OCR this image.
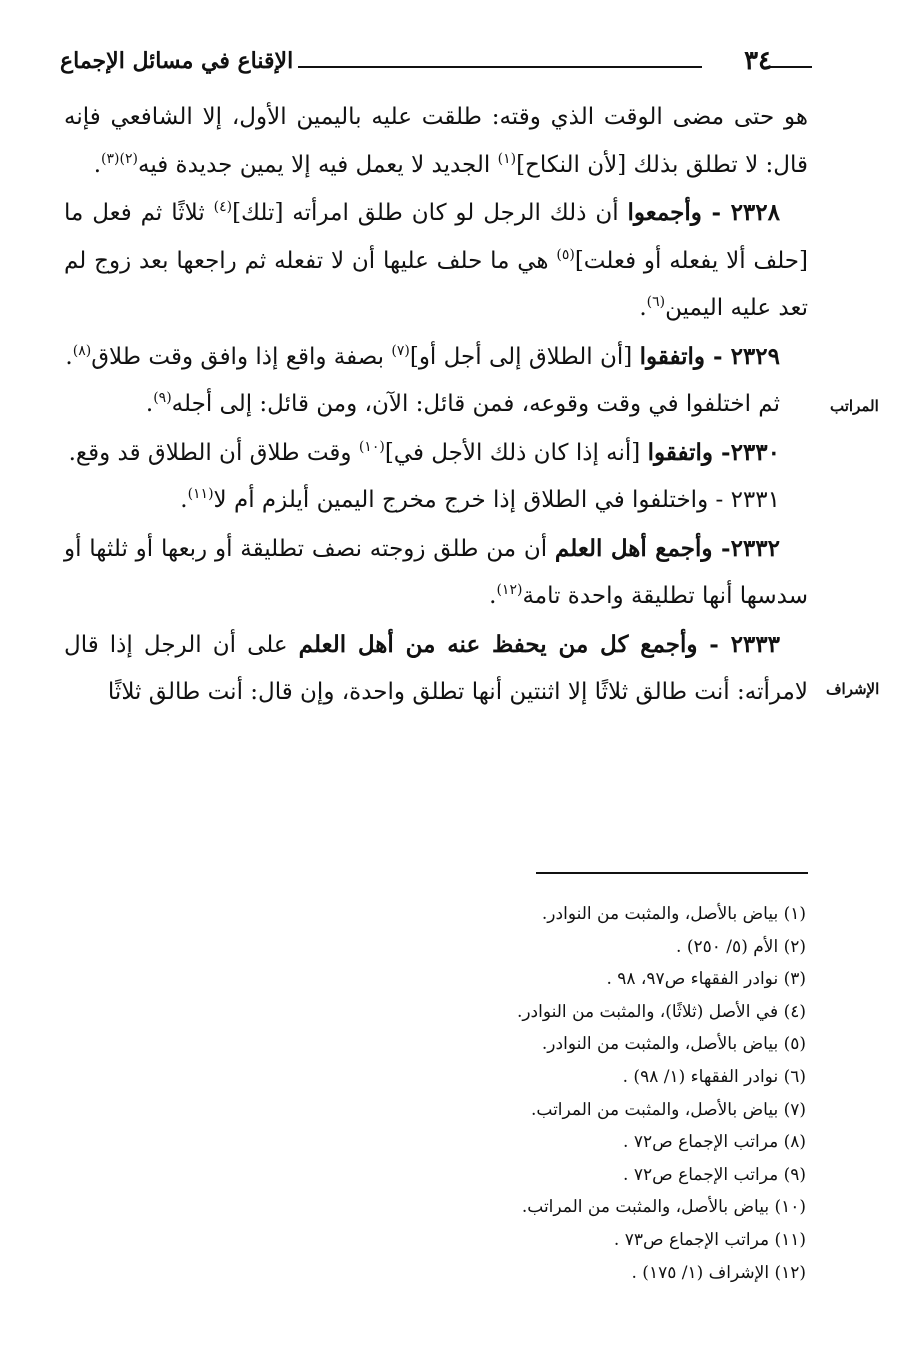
٣٤
الإقناع في مسائل الإجماع
المراتب
الإشراف

هو حتى مضى الوقت الذي وقته: طلقت عليه باليمين الأول، إلا الشافعي فإنه قال: لا تطلق بذلك [لأن النكاح]$^{(١)}$ الجديد لا يعمل فيه إلا يمين جديدة فيه$^{(٢)(٣)}$.

٢٣٢٨ - وأجمعوا أن ذلك الرجل لو كان طلق امرأته [تلك]$^{(٤)}$ ثلاثًا ثم فعل ما [حلف ألا يفعله أو فعلت]$^{(٥)}$ هي ما حلف عليها أن لا تفعله ثم راجعها بعد زوج لم تعد عليه اليمين$^{(٦)}$.

٢٣٢٩ - واتفقوا [أن الطلاق إلى أجل أو]$^{(٧)}$ بصفة واقع إذا وافق وقت طلاق$^{(٨)}$.

ثم اختلفوا في وقت وقوعه، فمن قائل: الآن، ومن قائل: إلى أجله$^{(٩)}$.

٢٣٣٠- واتفقوا [أنه إذا كان ذلك الأجل في]$^{(١٠)}$ وقت طلاق أن الطلاق قد وقع.

٢٣٣١ - واختلفوا في الطلاق إذا خرج مخرج اليمين أيلزم أم لا$^{(١١)}$.

٢٣٣٢- وأجمع أهل العلم أن من طلق زوجته نصف تطليقة أو ربعها أو ثلثها أو سدسها أنها تطليقة واحدة تامة$^{(١٢)}$.

٢٣٣٣ - وأجمع كل من يحفظ عنه من أهل العلم على أن الرجل إذا قال لامرأته: أنت طالق ثلاثًا إلا اثنتين أنها تطلق واحدة، وإن قال: أنت طالق ثلاثًا

(١) بياض بالأصل، والمثبت من النوادر.
(٢) الأم (٥/ ٢٥٠) .
(٣) نوادر الفقهاء ص٩٧، ٩٨ .
(٤) في الأصل (ثلاثًا)، والمثبت من النوادر.
(٥) بياض بالأصل، والمثبت من النوادر.
(٦) نوادر الفقهاء (١/ ٩٨) .
(٧) بياض بالأصل، والمثبت من المراتب.
(٨) مراتب الإجماع ص٧٢ .
(٩) مراتب الإجماع ص٧٢ .
(١٠) بياض بالأصل، والمثبت من المراتب.
(١١) مراتب الإجماع ص٧٣ .
(١٢) الإشراف (١/ ١٧٥) .
